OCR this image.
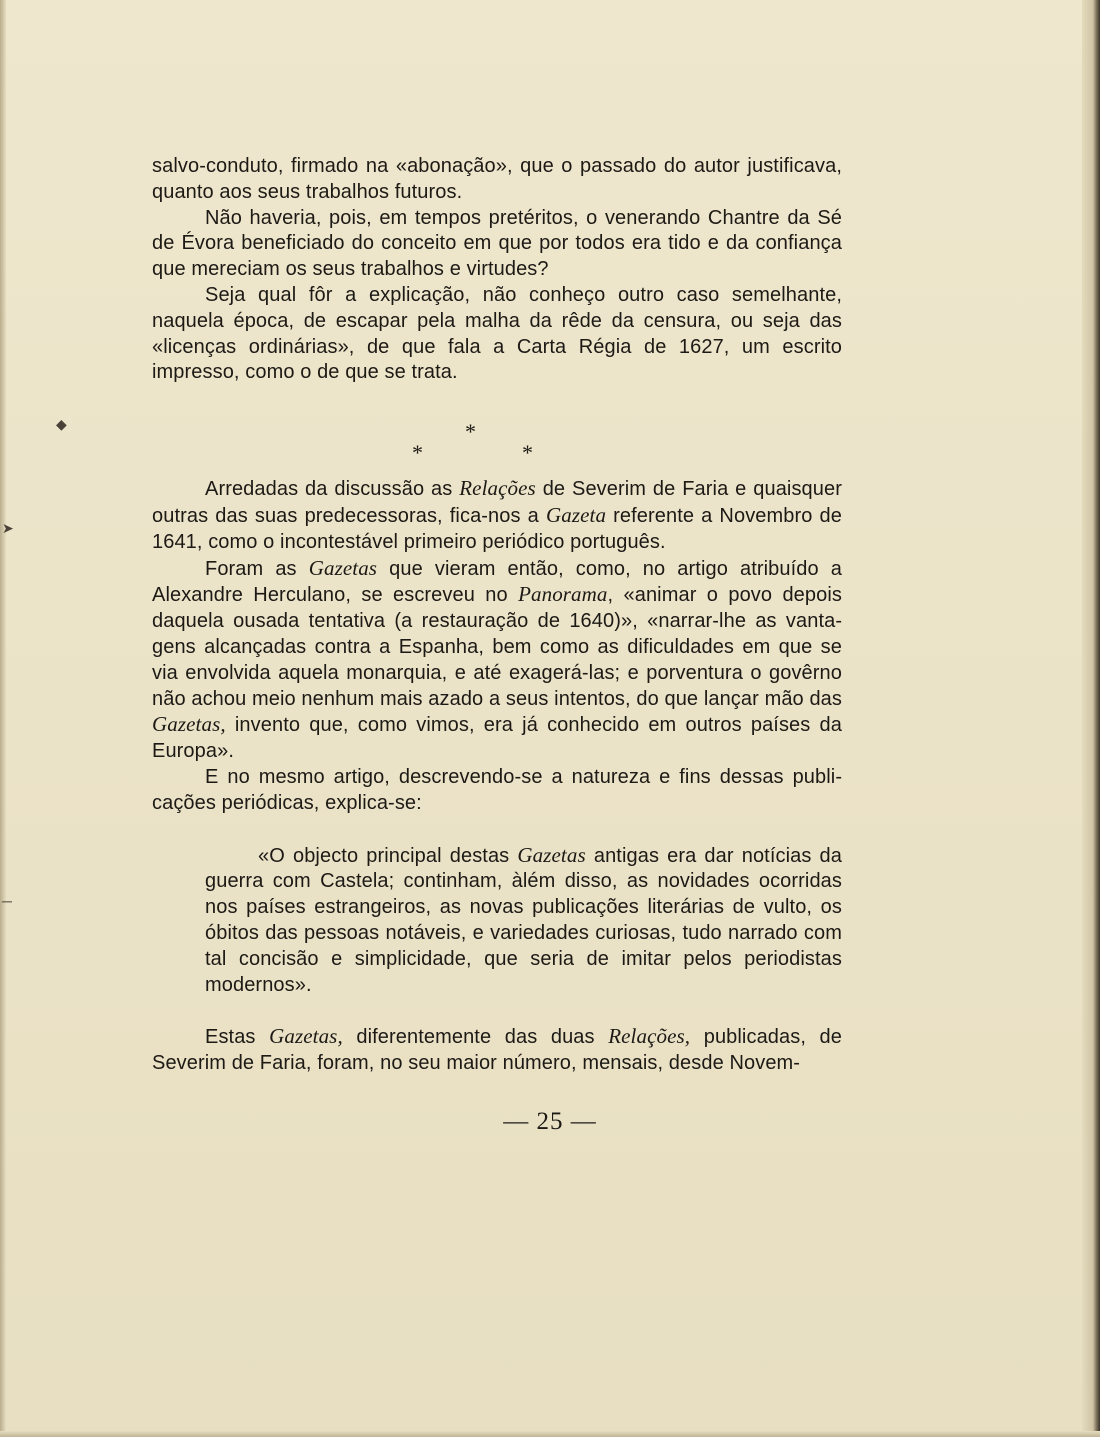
◆
➤
─

salvo-conduto, firmado na «abonação», que o passado do autor justificava, quanto aos seus trabalhos futuros.

Não haveria, pois, em tempos pretéritos, o venerando Chantre da Sé de Évora beneficiado do conceito em que por todos era tido e da confiança que mereciam os seus trabalhos e virtudes?

Seja qual fôr a explicação, não conheço outro caso semelhante, naquela época, de escapar pela malha da rêde da censura, ou seja das «licenças ordinárias», de que fala a Carta Régia de 1627, um escrito impresso, como o de que se trata.

*
*	*

Arredadas da discussão as Relações de Severim de Faria e quaisquer outras das suas predecessoras, fica-nos a Gazeta referente a Novembro de 1641, como o incontestável primeiro periódico português.

Foram as Gazetas que vieram então, como, no artigo atribuído a Alexandre Herculano, se escreveu no Panorama, «animar o povo depois daquela ousada tentativa (a restauração de 1640)», «narrar-lhe as vantagens alcançadas contra a Espanha, bem como as dificuldades em que se via envolvida aquela monarquia, e até exagerá-las; e porventura o govêrno não achou meio nenhum mais azado a seus intentos, do que lançar mão das Gazetas, invento que, como vimos, era já conhecido em outros países da Europa».

E no mesmo artigo, descrevendo-se a natureza e fins dessas publicações periódicas, explica-se:

«O objecto principal destas Gazetas antigas era dar notícias da guerra com Castela; continham, àlém disso, as novidades ocorridas nos países estrangeiros, as novas publicações literárias de vulto, os óbitos das pessoas notáveis, e variedades curiosas, tudo narrado com tal concisão e simplicidade, que seria de imitar pelos periodistas modernos».

Estas Gazetas, diferentemente das duas Relações, publicadas, de Severim de Faria, foram, no seu maior número, mensais, desde Novem-

— 25 —
